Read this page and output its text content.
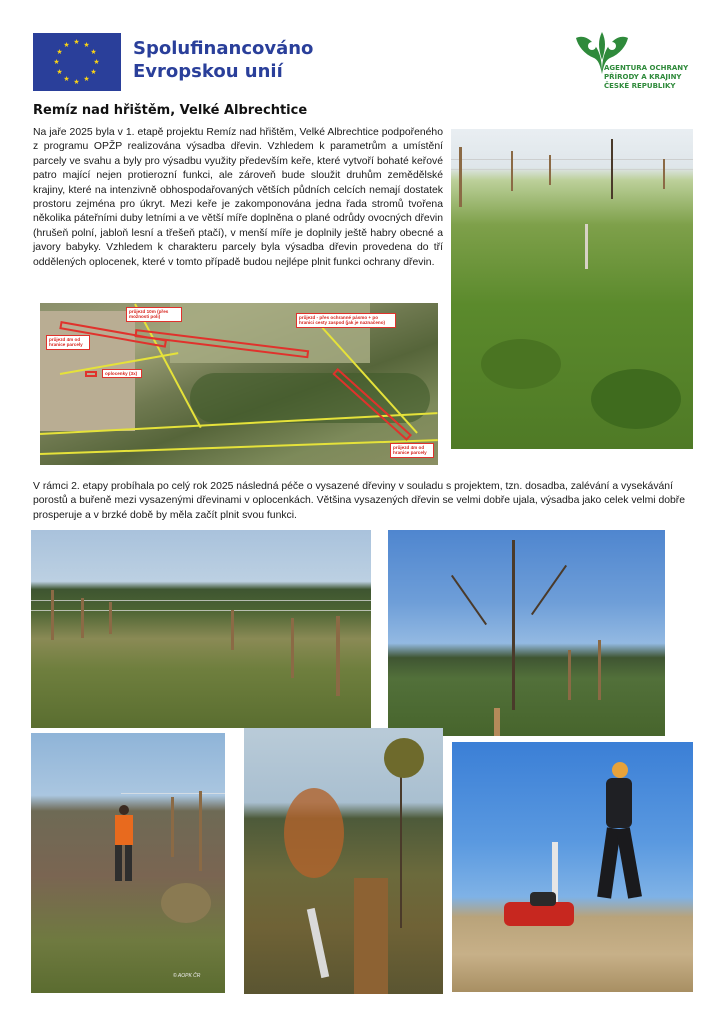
★ ★
★
★
★
★
★
★
★
★
★
★	Spolufinancováno
Evropskou unií	AGENTURA OCHRANY
PŘÍRODY A KRAJINY
ČESKÉ REPUBLIKY
Remíz nad hřištěm, Velké Albrechtice
Na jaře 2025 byla v 1. etapě projektu Remíz nad hřištěm, Velké Albrechtice podpořeného z programu OPŽP realizována výsadba dřevin. Vzhledem k parametrům a umístění parcely ve svahu a byly pro výsadbu využity především keře, které vytvoří bohaté keřové patro mající nejen protierozní funkci, ale zároveň bude sloužit druhům zemědělské krajiny, které na intenzivně obhospodařovaných větších půdních celcích nemají dostatek prostoru zejména pro úkryt. Mezi keře je zakomponována jedna řada stromů tvořena několika páteřními duby letními a ve větší míře doplněna o plané odrůdy ovocných dřevin (hrušeň polní, jabloň lesní a třešeň ptačí), v menší míře je doplnily ještě habry obecné a javory babyky. Vzhledem k charakteru parcely byla výsadba dřevin provedena do tří oddělených oplocenek, které v tomto případě budou nejlépe plnit funkci ochrany dřevin.
průjezd 4m od hranice parcely
průjezd 10m (přes možnosti poli)	průjezd - přes ochranné pásmo + po hranici cesty zaspod (jak je naznačeno)
oplocenky (3x)
průjezd 4m od hranice parcely
V rámci 2. etapy probíhala po celý rok 2025 následná péče o vysazené dřeviny v souladu s projektem, tzn. dosadba, zalévání a vysekávání porostů a buřeně mezi vysazenými dřevinami v oplocenkách. Většina vysazených dřevin se velmi dobře ujala, výsadba jako celek velmi dobře prosperuje a v brzké době by měla začít plnit svou funkci.
© AOPK ČR
